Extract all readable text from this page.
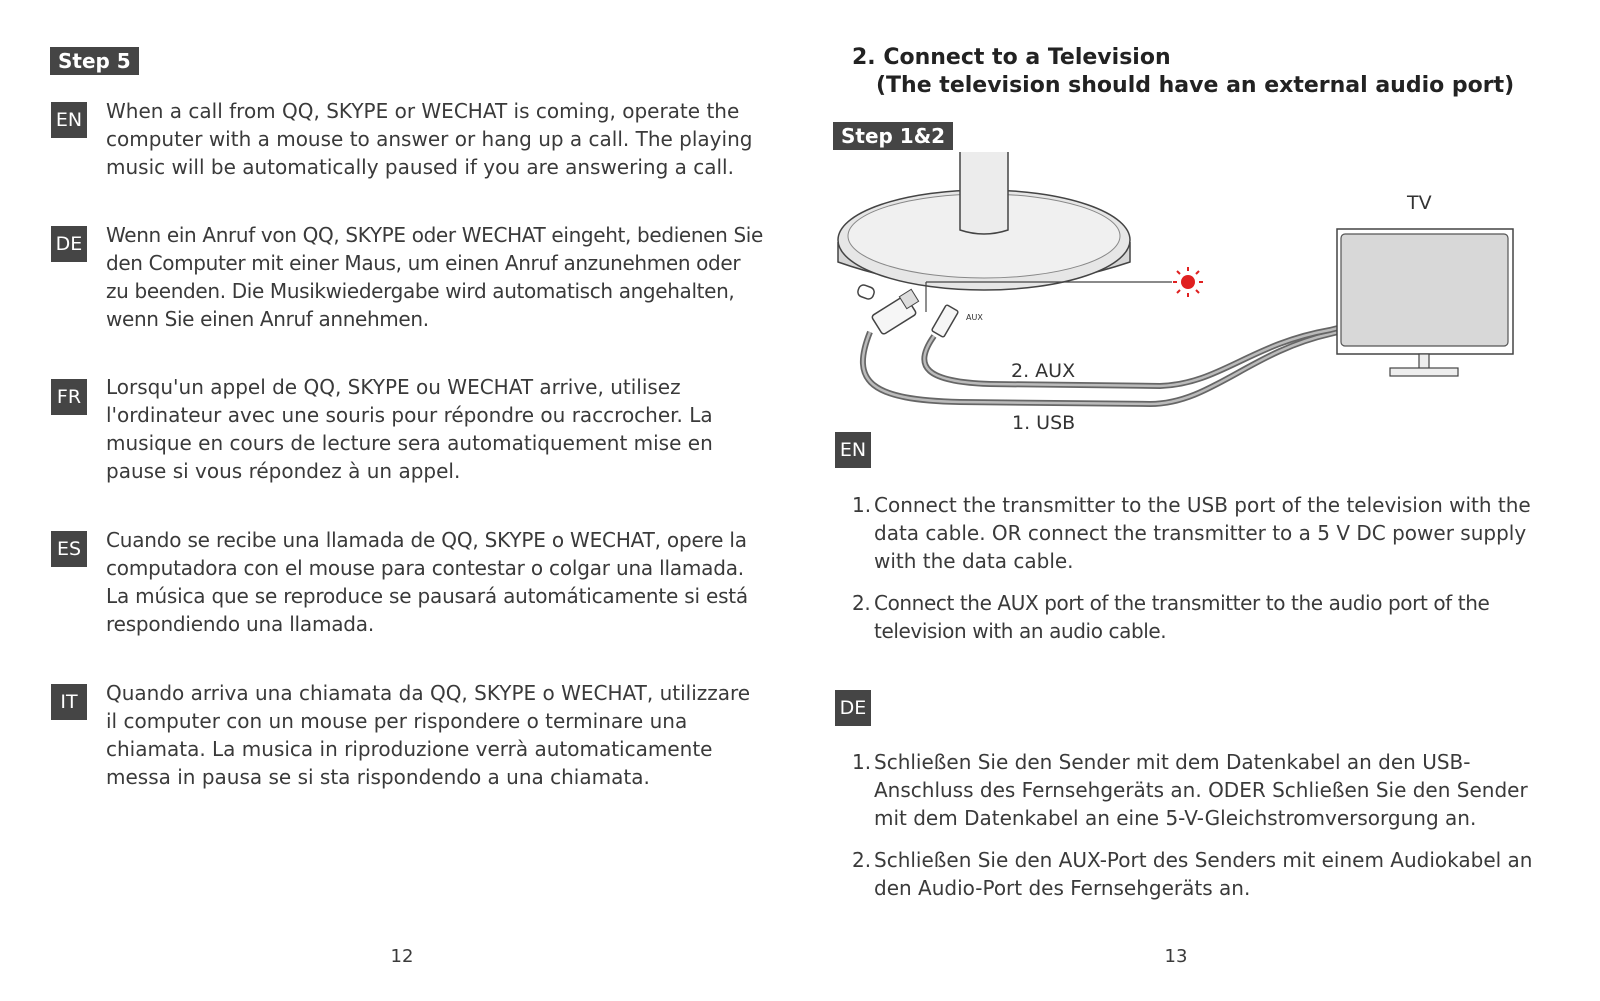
Step 5
EN When a call from QQ, SKYPE or WECHAT is coming, operate the computer with a mouse to answer or hang up a call. The playing music will be automatically paused if you are answering a call.

DE Wenn ein Anruf von QQ, SKYPE oder WECHAT eingeht, bedienen Sie den Computer mit einer Maus, um einen Anruf anzunehmen oder zu beenden. Die Musikwiedergabe wird automatisch angehalten, wenn Sie einen Anruf annehmen.

FR Lorsqu'un appel de QQ, SKYPE ou WECHAT arrive, utilisez l'ordinateur avec une souris pour répondre ou raccrocher. La musique en cours de lecture sera automatiquement mise en pause si vous répondez à un appel.

ES Cuando se recibe una llamada de QQ, SKYPE o WECHAT, opere la computadora con el mouse para contestar o colgar una llamada. La música que se reproduce se pausará automáticamente si está respondiendo una llamada.

IT	Quando arriva una chiamata da QQ, SKYPE o WECHAT, utilizzare il computer con un mouse per rispondere o terminare una chiamata. La musica in riproduzione verrà automaticamente messa in pausa se si sta rispondendo a una chiamata.

12
2. Connect to a Television
(The television should have an external audio port)
Step 1&2
AUX
TV
2. AUX
1. USB
EN
1. Connect the transmitter to the USB port of the television with the data cable. OR connect the transmitter to a 5 V DC power supply with the data cable.
2. Connect the AUX port of the transmitter to the audio port of the television with an audio cable.
DE
1. Schließen Sie den Sender mit dem Datenkabel an den USB-Anschluss des Fernsehgeräts an. ODER Schließen Sie den Sender mit dem Datenkabel an eine 5-V-Gleichstromversorgung an.
2. Schließen Sie den AUX-Port des Senders mit einem Audiokabel an den Audio-Port des Fernsehgeräts an.
13
